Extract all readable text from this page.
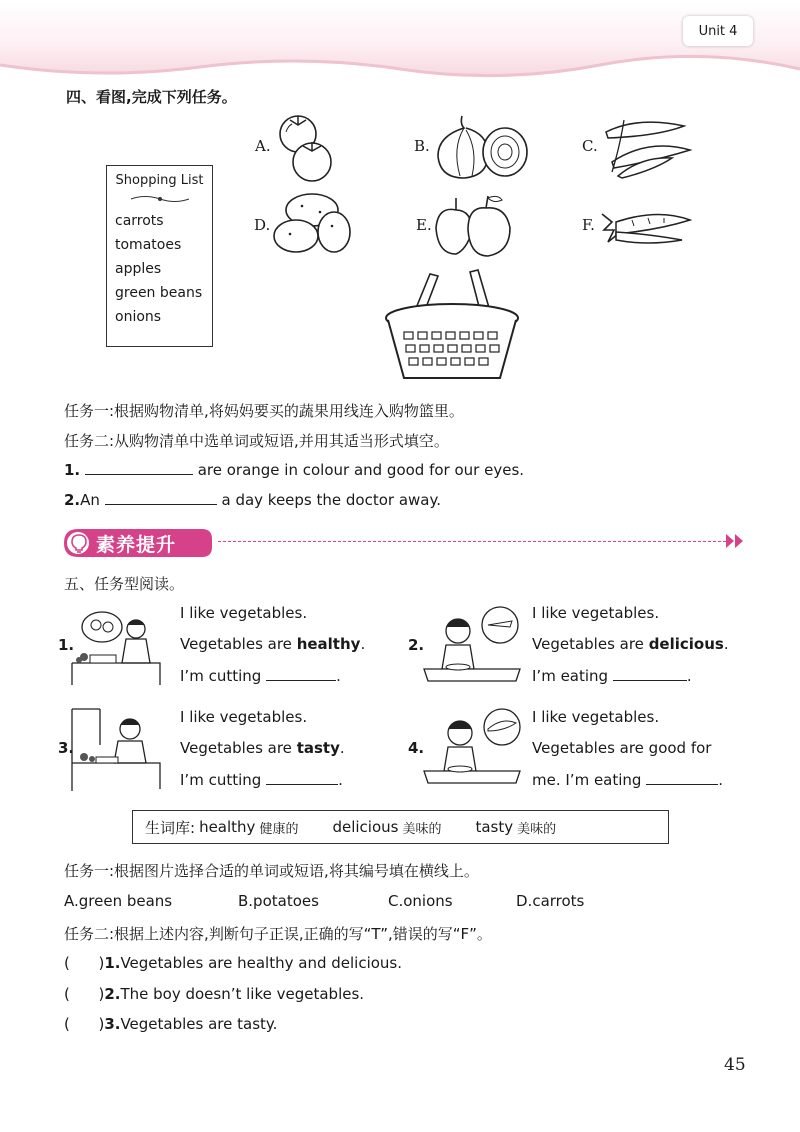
Unit 4
四、看图,完成下列任务。
Shopping List
carrots
tomatoes
apples
green beans
onions
A.	B.	C.
D.	E.	F.
任务一:根据购物清单,将妈妈要买的蔬果用线连入购物篮里。
任务二:从购物清单中选单词或短语,并用其适当形式填空。
1.	are orange in colour and good for our eyes.
2.An	a day keeps the doctor away.
素养提升
五、任务型阅读。
1.
I like vegetables.
Vegetables are healthy.
I’m cutting	.
2.
I like vegetables.
Vegetables are delicious.
I’m eating	.
3.
I like vegetables.
Vegetables are tasty.
I’m cutting	.
4.
I like vegetables.
Vegetables are good for
me. I’m eating	.
生词库: healthy 健康的 delicious 美味的 tasty 美味的
任务一:根据图片选择合适的单词或短语,将其编号填在横线上。
A.green beans	B.potatoes	C.onions	D.carrots
任务二:根据上述内容,判断句子正误,正确的写“T”,错误的写“F”。
(      )1.Vegetables are healthy and delicious.
(      )2.The boy doesn’t like vegetables.
(      )3.Vegetables are tasty.
45
